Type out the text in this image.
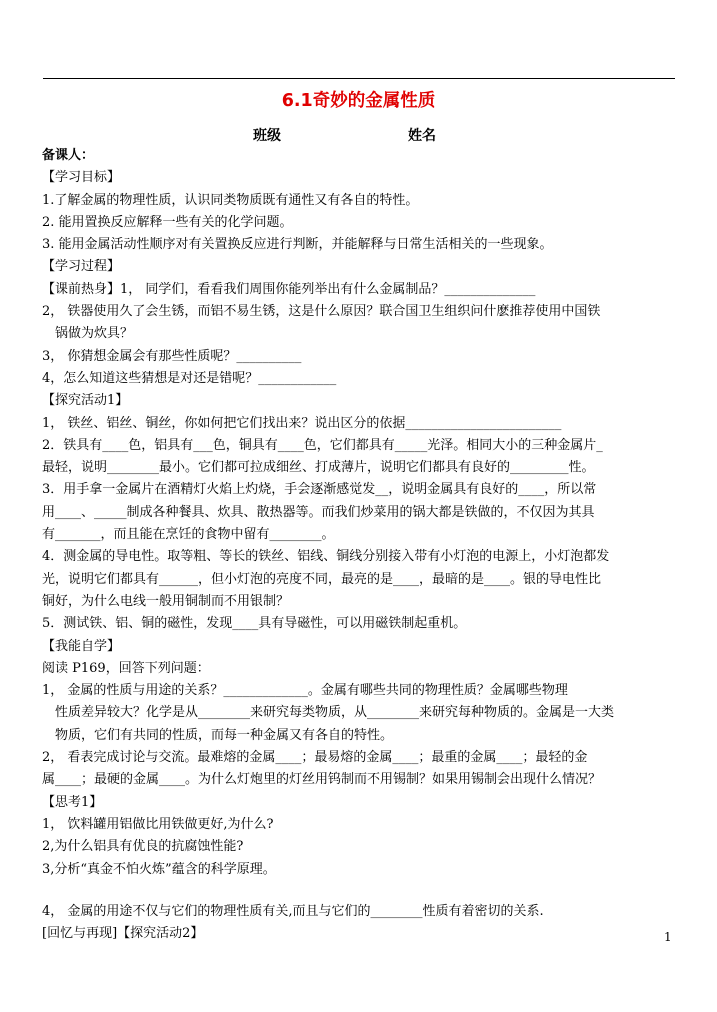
6.1奇妙的金属性质
班级	姓名
备课人：
【学习目标】
1.了解金属的物理性质，认识同类物质既有通性又有各自的特性。
2. 能用置换反应解释一些有关的化学问题。
3. 能用金属活动性顺序对有关置换反应进行判断，并能解释与日常生活相关的一些现象。
【学习过程】
【课前热身】1， 同学们，看看我们周围你能列举出有什么金属制品？______________
2， 铁器使用久了会生锈，而铝不易生锈，这是什么原因？联合国卫生组织问什麽推荐使用中国铁
锅做为炊具？
3， 你猜想金属会有那些性质呢？__________
4，怎么知道这些猜想是对还是错呢？____________
【探究活动1】
1， 铁丝、铝丝、铜丝，你如何把它们找出来？说出区分的依据________________________
2．铁具有____色，铝具有___色，铜具有____色，它们都具有_____光泽。相同大小的三种金属片_
最轻，说明________最小。它们都可拉成细丝、打成薄片，说明它们都具有良好的_________性。
3．用手拿一金属片在酒精灯火焰上灼烧，手会逐渐感觉发__，说明金属具有良好的____，所以常
用____、_____制成各种餐具、炊具、散热器等。而我们炒菜用的锅大都是铁做的，不仅因为其具
有_______，而且能在烹饪的食物中留有________。
4．测金属的导电性。取等粗、等长的铁丝、铝线、铜线分别接入带有小灯泡的电源上，小灯泡都发
光，说明它们都具有______，但小灯泡的亮度不同，最亮的是____，最暗的是____。银的导电性比
铜好，为什么电线一般用铜制而不用银制？
5．测试铁、铝、铜的磁性，发现____具有导磁性，可以用磁铁制起重机。
【我能自学】
阅读 P169，回答下列问题：
1， 金属的性质与用途的关系？_____________。金属有哪些共同的物理性质？金属哪些物理
性质差异较大？化学是从________来研究每类物质，从________来研究每种物质的。金属是一大类
物质，它们有共同的性质，而每一种金属又有各自的特性。
2， 看表完成讨论与交流。最难熔的金属____；最易熔的金属____；最重的金属____；最轻的金
属____；最硬的金属____。为什么灯炮里的灯丝用钨制而不用锡制？如果用锡制会出现什么情况？
【思考1】
1， 饮料罐用铝做比用铁做更好,为什么?
2,为什么铝具有优良的抗腐蚀性能?
3,分析“真金不怕火炼”蕴含的科学原理。
4， 金属的用途不仅与它们的物理性质有关,而且与它们的________性质有着密切的关系.
[回忆与再现]【探究活动2】	1
